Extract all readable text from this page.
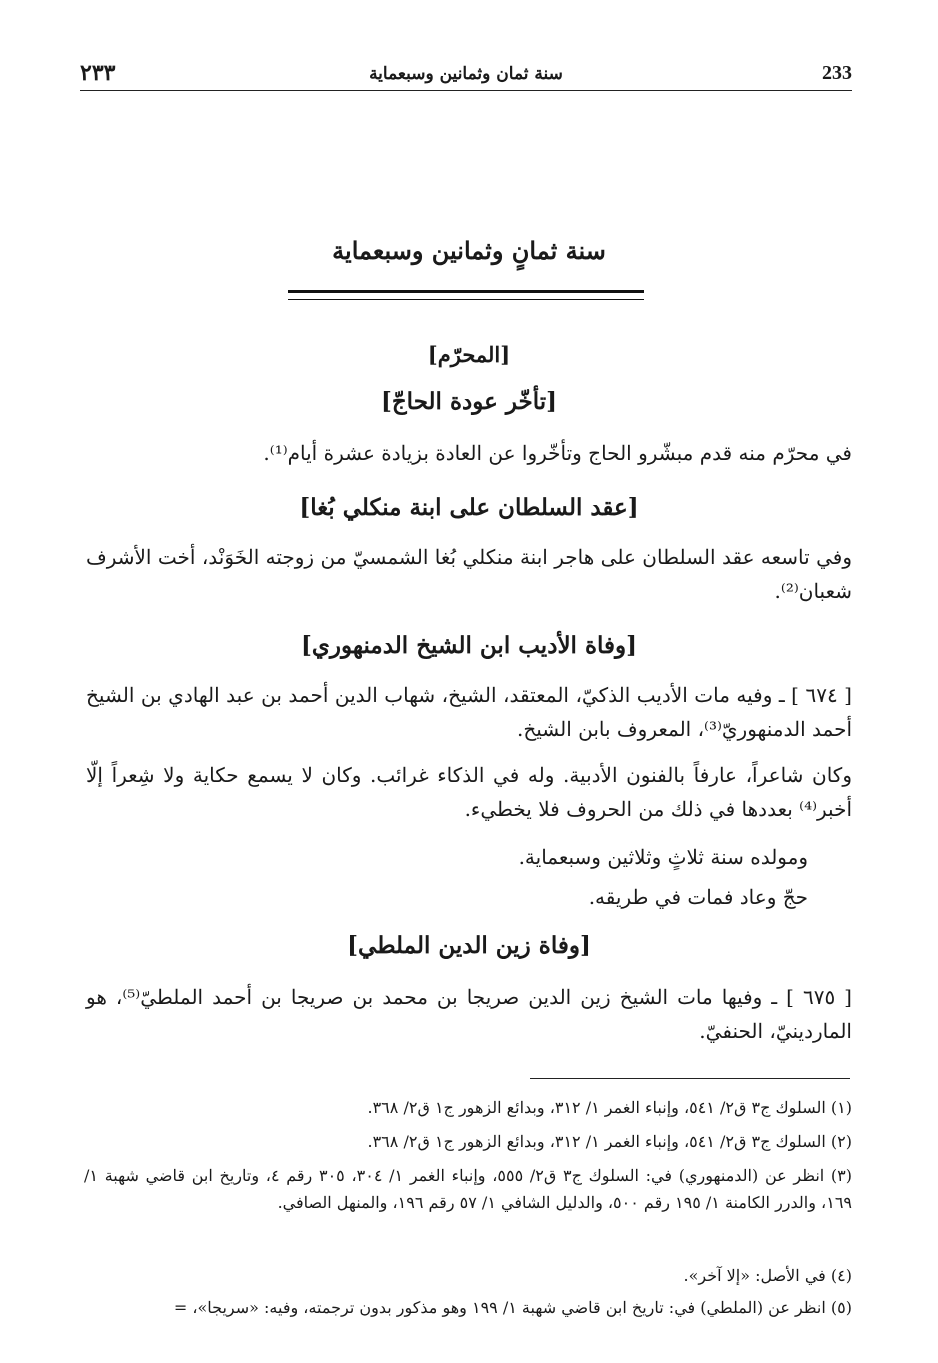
٢٣٣	سنة ثمان وثمانين وسبعماية	233
سنة ثمانٍ وثمانين وسبعماية
[المحرّم]
[تأخّر عودة الحاجّ]
في محرّم منه قدم مبشّرو الحاج وتأخّروا عن العادة بزيادة عشرة أيام⁽¹⁾.
[عقد السلطان على ابنة منكلي بُغا]
وفي تاسعه عقد السلطان على هاجر ابنة منكلي بُغا الشمسيّ من زوجته الخَوَنْد، أخت الأشرف شعبان⁽²⁾.
[وفاة الأديب ابن الشيخ الدمنهوري]
[ ٦٧٤ ] ـ وفيه مات الأديب الذكيّ، المعتقد، الشيخ، شهاب الدين أحمد بن عبد الهادي بن الشيخ أحمد الدمنهوريّ⁽³⁾، المعروف بابن الشيخ.
وكان شاعراً، عارفاً بالفنون الأدبية. وله في الذكاء غرائب. وكان لا يسمع حكاية ولا شِعراً إلّا أخبر⁽⁴⁾ بعددها في ذلك من الحروف فلا يخطيء.
ومولده سنة ثلاثٍ وثلاثين وسبعماية.
حجّ وعاد فمات في طريقه.
[وفاة زين الدين الملطي]
[ ٦٧٥ ] ـ وفيها مات الشيخ زين الدين صريجا بن محمد بن صريجا بن أحمد الملطيّ⁽⁵⁾، هو الماردينيّ، الحنفيّ.
(١) السلوك ج٣ ق٢/ ٥٤١، وإنباء الغمر ١/ ٣١٢، وبدائع الزهور ج١ ق٢/ ٣٦٨.
(٢) السلوك ج٣ ق٢/ ٥٤١، وإنباء الغمر ١/ ٣١٢، وبدائع الزهور ج١ ق٢/ ٣٦٨.
(٣) انظر عن (الدمنهوري) في: السلوك ج٣ ق٢/ ٥٥٥، وإنباء الغمر ١/ ٣٠٤، ٣٠٥ رقم ٤، وتاريخ ابن قاضي شهبة ١/ ١٦٩، والدرر الكامنة ١/ ١٩٥ رقم ٥٠٠، والدليل الشافي ١/ ٥٧ رقم ١٩٦، والمنهل الصافي.
(٤) في الأصل: «إلا آخر».
(٥) انظر عن (الملطي) في: تاريخ ابن قاضي شهبة ١/ ١٩٩ وهو مذكور بدون ترجمته، وفيه: «سريجا»، =
